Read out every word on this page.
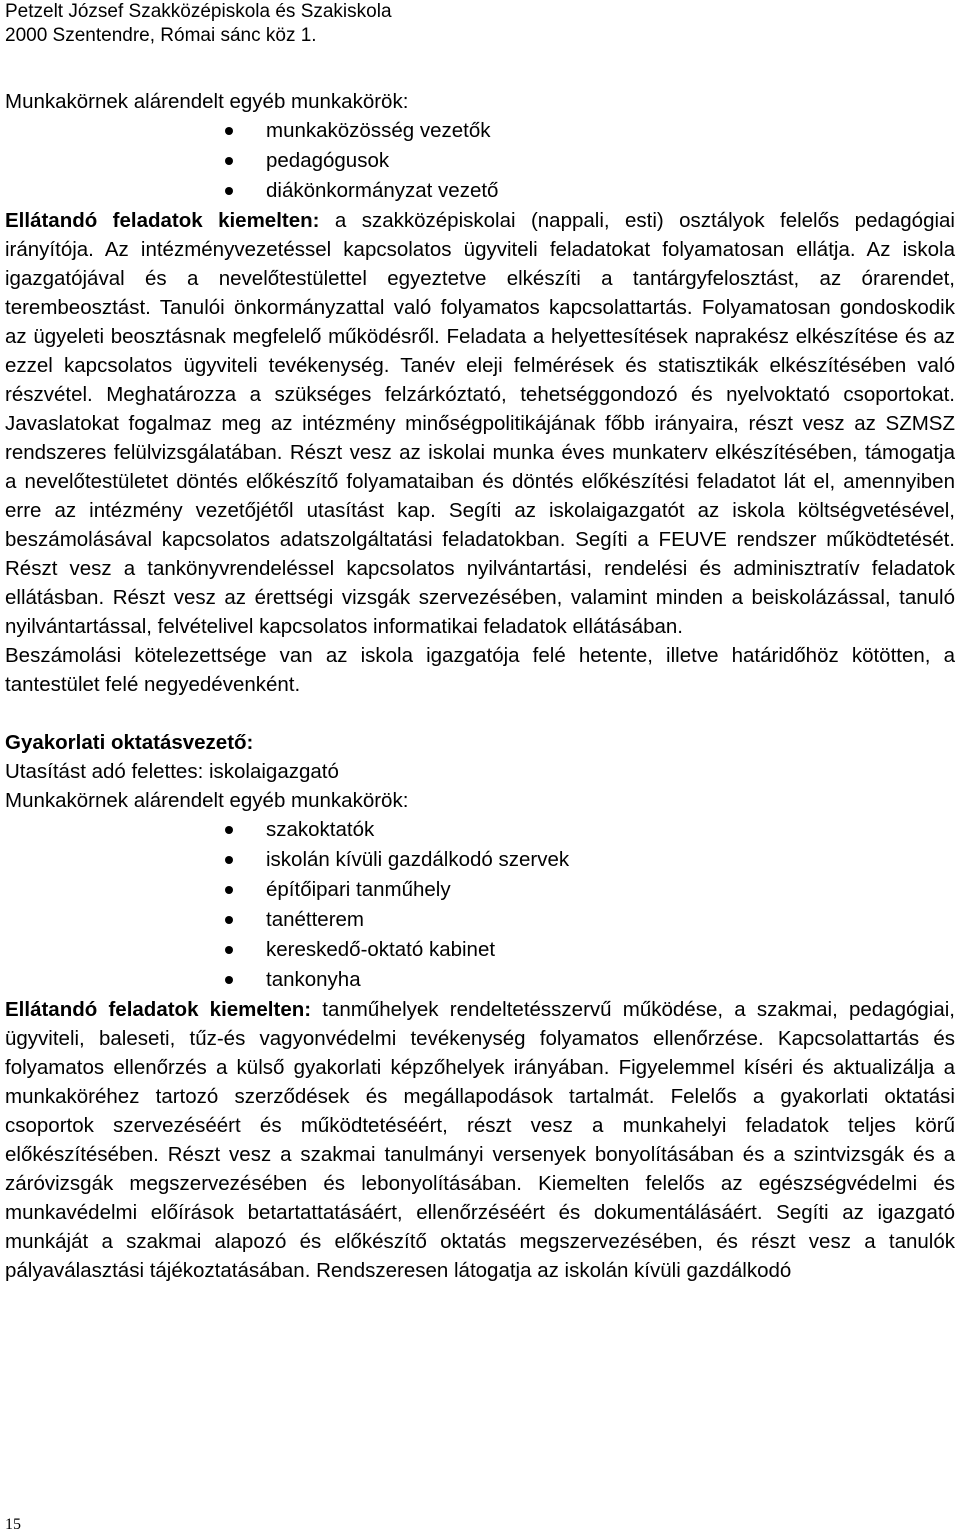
Petzelt József Szakközépiskola és Szakiskola
2000 Szentendre, Római sánc köz 1.

Munkakörnek alárendelt egyéb munkakörök:

munkaközösség vezetők
pedagógusok
diákönkormányzat vezető

Ellátandó feladatok kiemelten: a szakközépiskolai (nappali, esti) osztályok felelős pedagógiai irányítója. Az intézményvezetéssel kapcsolatos ügyviteli feladatokat folyamatosan ellátja. Az iskola igazgatójával és a nevelőtestülettel egyeztetve elkészíti a tantárgyfelosztást, az órarendet, terembeosztást. Tanulói önkormányzattal való folyamatos kapcsolattartás. Folyamatosan gondoskodik az ügyeleti beosztásnak megfelelő működésről. Feladata a helyettesítések naprakész elkészítése és az ezzel kapcsolatos ügyviteli tevékenység. Tanév eleji felmérések és statisztikák elkészítésében való részvétel. Meghatározza a szükséges felzárkóztató, tehetséggondozó és nyelvoktató csoportokat. Javaslatokat fogalmaz meg az intézmény minőségpolitikájának főbb irányaira, részt vesz az SZMSZ rendszeres felülvizsgálatában. Részt vesz az iskolai munka éves munkaterv elkészítésében, támogatja a nevelőtestületet döntés előkészítő folyamataiban és döntés előkészítési feladatot lát el, amennyiben erre az intézmény vezetőjétől utasítást kap. Segíti az iskolaigazgatót az iskola költségvetésével, beszámolásával kapcsolatos adatszolgáltatási feladatokban. Segíti a FEUVE rendszer működtetését. Részt vesz a tankönyvrendeléssel kapcsolatos nyilvántartási, rendelési és adminisztratív feladatok ellátásban. Részt vesz az érettségi vizsgák szervezésében, valamint minden a beiskolázással, tanuló nyilvántartással, felvételivel kapcsolatos informatikai feladatok ellátásában.

Beszámolási kötelezettsége van az iskola igazgatója felé hetente, illetve határidőhöz kötötten, a tantestület felé negyedévenként.

Gyakorlati oktatásvezető:

Utasítást adó felettes: iskolaigazgató

Munkakörnek alárendelt egyéb munkakörök:

szakoktatók
iskolán kívüli gazdálkodó szervek
építőipari tanműhely
tanétterem
kereskedő-oktató kabinet
tankonyha

Ellátandó feladatok kiemelten: tanműhelyek rendeltetésszervű működése, a szakmai, pedagógiai, ügyviteli, baleseti, tűz-és vagyonvédelmi tevékenység folyamatos ellenőrzése. Kapcsolattartás és folyamatos ellenőrzés a külső gyakorlati képzőhelyek irányában. Figyelemmel kíséri és aktualizálja a munkaköréhez tartozó szerződések és megállapodások tartalmát. Felelős a gyakorlati oktatási csoportok szervezéséért és működtetéséért, részt vesz a munkahelyi feladatok teljes körű előkészítésében. Részt vesz a szakmai tanulmányi versenyek bonyolításában és a szintvizsgák és a záróvizsgák megszervezésében és lebonyolításában. Kiemelten felelős az egészségvédelmi és munkavédelmi előírások betartattatásáért, ellenőrzéséért és dokumentálásáért. Segíti az igazgató munkáját a szakmai alapozó és előkészítő oktatás megszervezésében, és részt vesz a tanulók pályaválasztási tájékoztatásában. Rendszeresen látogatja az iskolán kívüli gazdálkodó

15
